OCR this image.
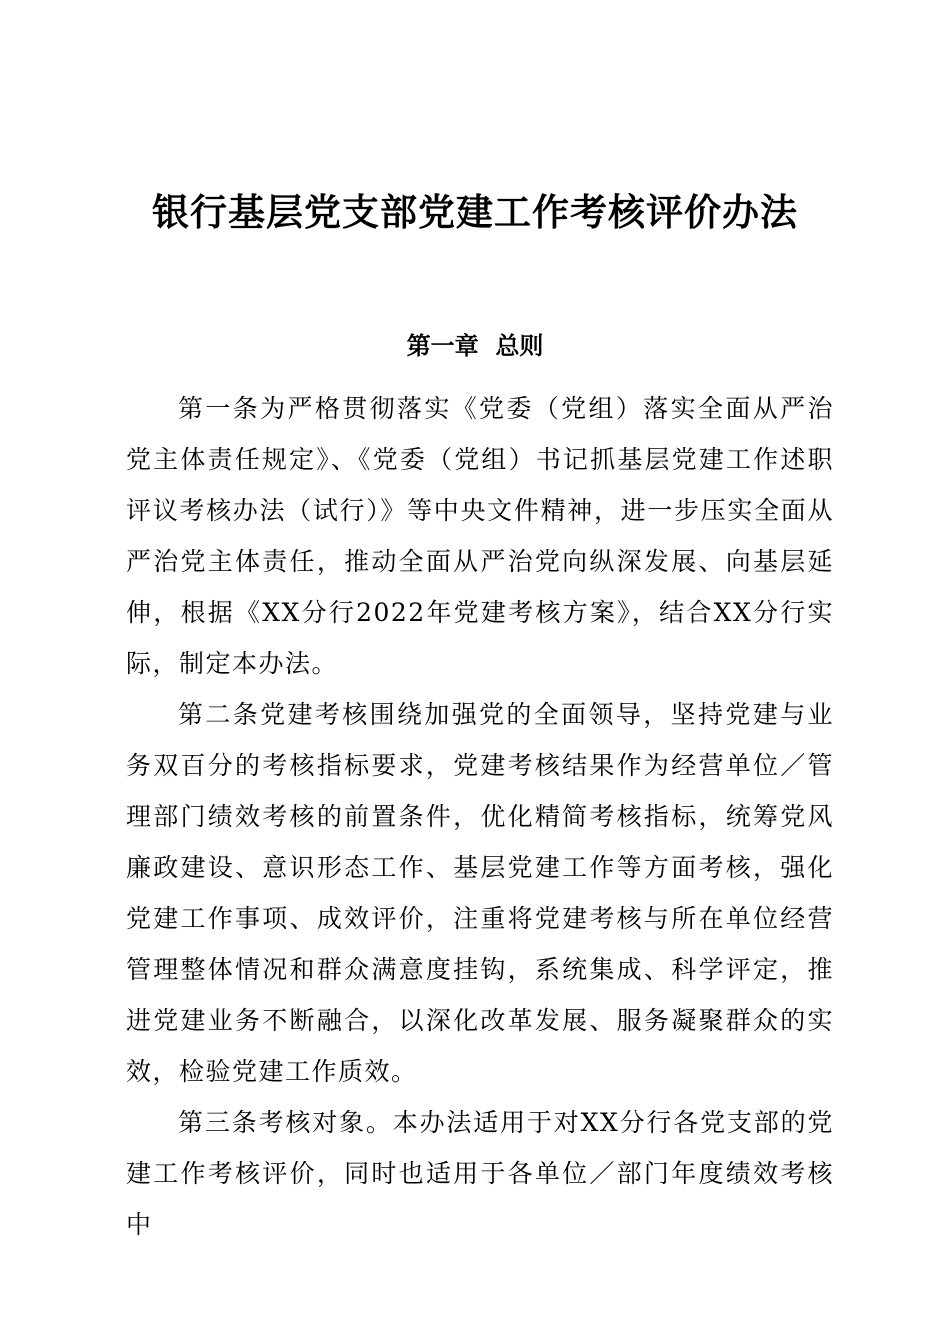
银行基层党支部党建工作考核评价办法
第一章  总则

第一条为严格贯彻落实《党委（党组）落实全面从严治党主体责任规定》、《党委（党组）书记抓基层党建工作述职评议考核办法（试行）》等中央文件精神，进一步压实全面从严治党主体责任，推动全面从严治党向纵深发展、向基层延伸，根据《XX分行2022年党建考核方案》，结合XX分行实际，制定本办法。

第二条党建考核围绕加强党的全面领导，坚持党建与业务双百分的考核指标要求，党建考核结果作为经营单位／管理部门绩效考核的前置条件，优化精简考核指标，统筹党风廉政建设、意识形态工作、基层党建工作等方面考核，强化党建工作事项、成效评价，注重将党建考核与所在单位经营管理整体情况和群众满意度挂钩，系统集成、科学评定，推进党建业务不断融合，以深化改革发展、服务凝聚群众的实效，检验党建工作质效。

第三条考核对象。本办法适用于对XX分行各党支部的党建工作考核评价，同时也适用于各单位／部门年度绩效考核中
